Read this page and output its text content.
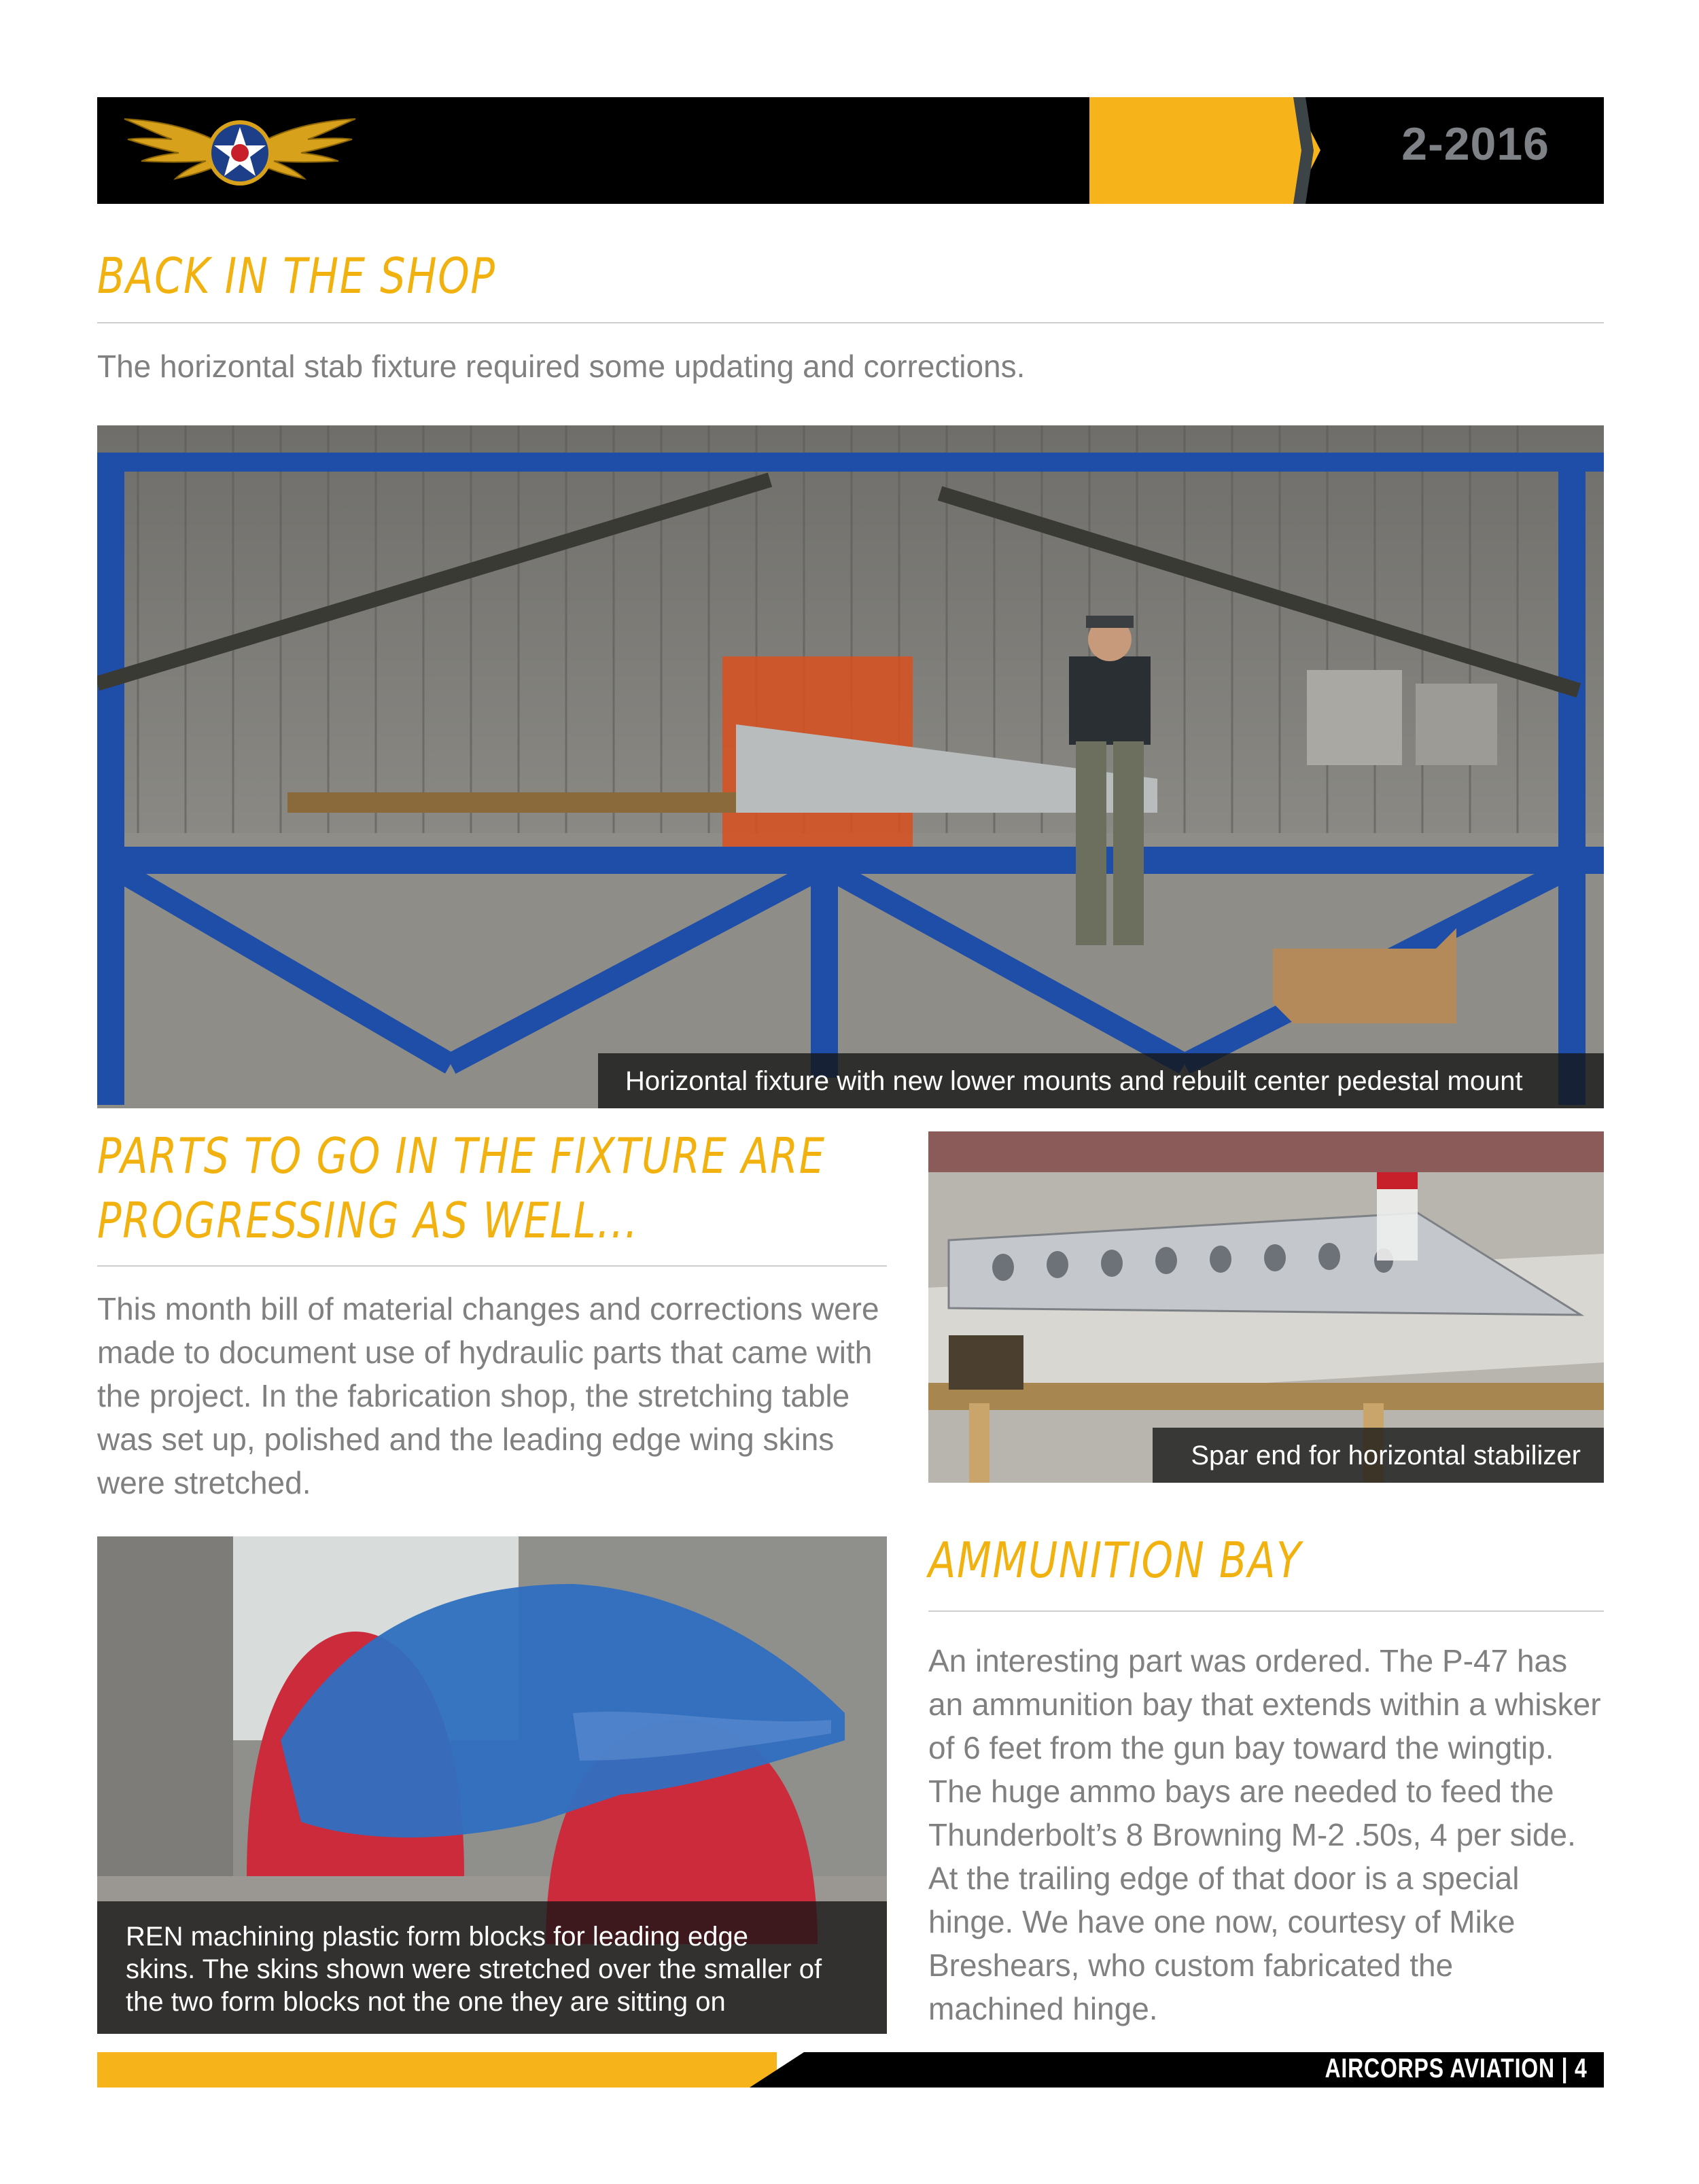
2-2016
BACK IN THE SHOP
The horizontal stab fixture required some updating and corrections.
Horizontal fixture with new lower mounts and rebuilt center pedestal mount
PARTS TO GO IN THE FIXTURE ARE
PROGRESSING AS WELL...
This month bill of material changes and corrections were
made to document use of hydraulic parts that came with
the project. In the fabrication shop, the stretching table
was set up, polished and the leading edge wing skins
were stretched.
Spar end for horizontal stabilizer
REN machining plastic form blocks for leading edge
skins. The skins shown were stretched over the smaller of
the two form blocks not the one they are sitting on
AMMUNITION BAY
An interesting part was ordered. The P-47 has
an ammunition bay that extends within a whisker
of 6 feet from the gun bay toward the wingtip.
The huge ammo bays are needed to feed the
Thunderbolt’s 8 Browning M-2 .50s, 4 per side.
At the trailing edge of that door is a special
hinge. We have one now, courtesy of Mike
Breshears, who custom fabricated the
machined hinge.
AIRCORPS AVIATION | 4
